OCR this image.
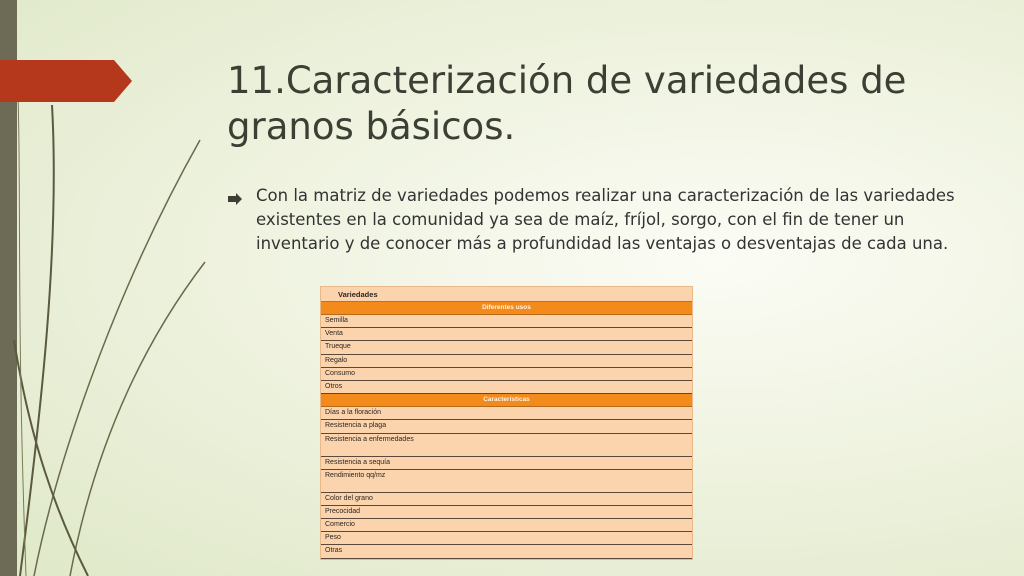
11.Caracterización de variedades de granos básicos.
Con la matriz de variedades podemos realizar una caracterización de las variedades existentes en la comunidad ya sea de maíz, fríjol, sorgo, con el fin de tener un inventario y de conocer más a profundidad las ventajas o desventajas de cada una.
Variedades
Diferentes usos
Semilla
Venta
Trueque
Regalo
Consumo
Otros
Características
Días a la floración
Resistencia a plaga
Resistencia a enfermedades
Resistencia a sequía
Rendimiento qq/mz
Color del grano
Precocidad
Comercio
Peso
Otras
